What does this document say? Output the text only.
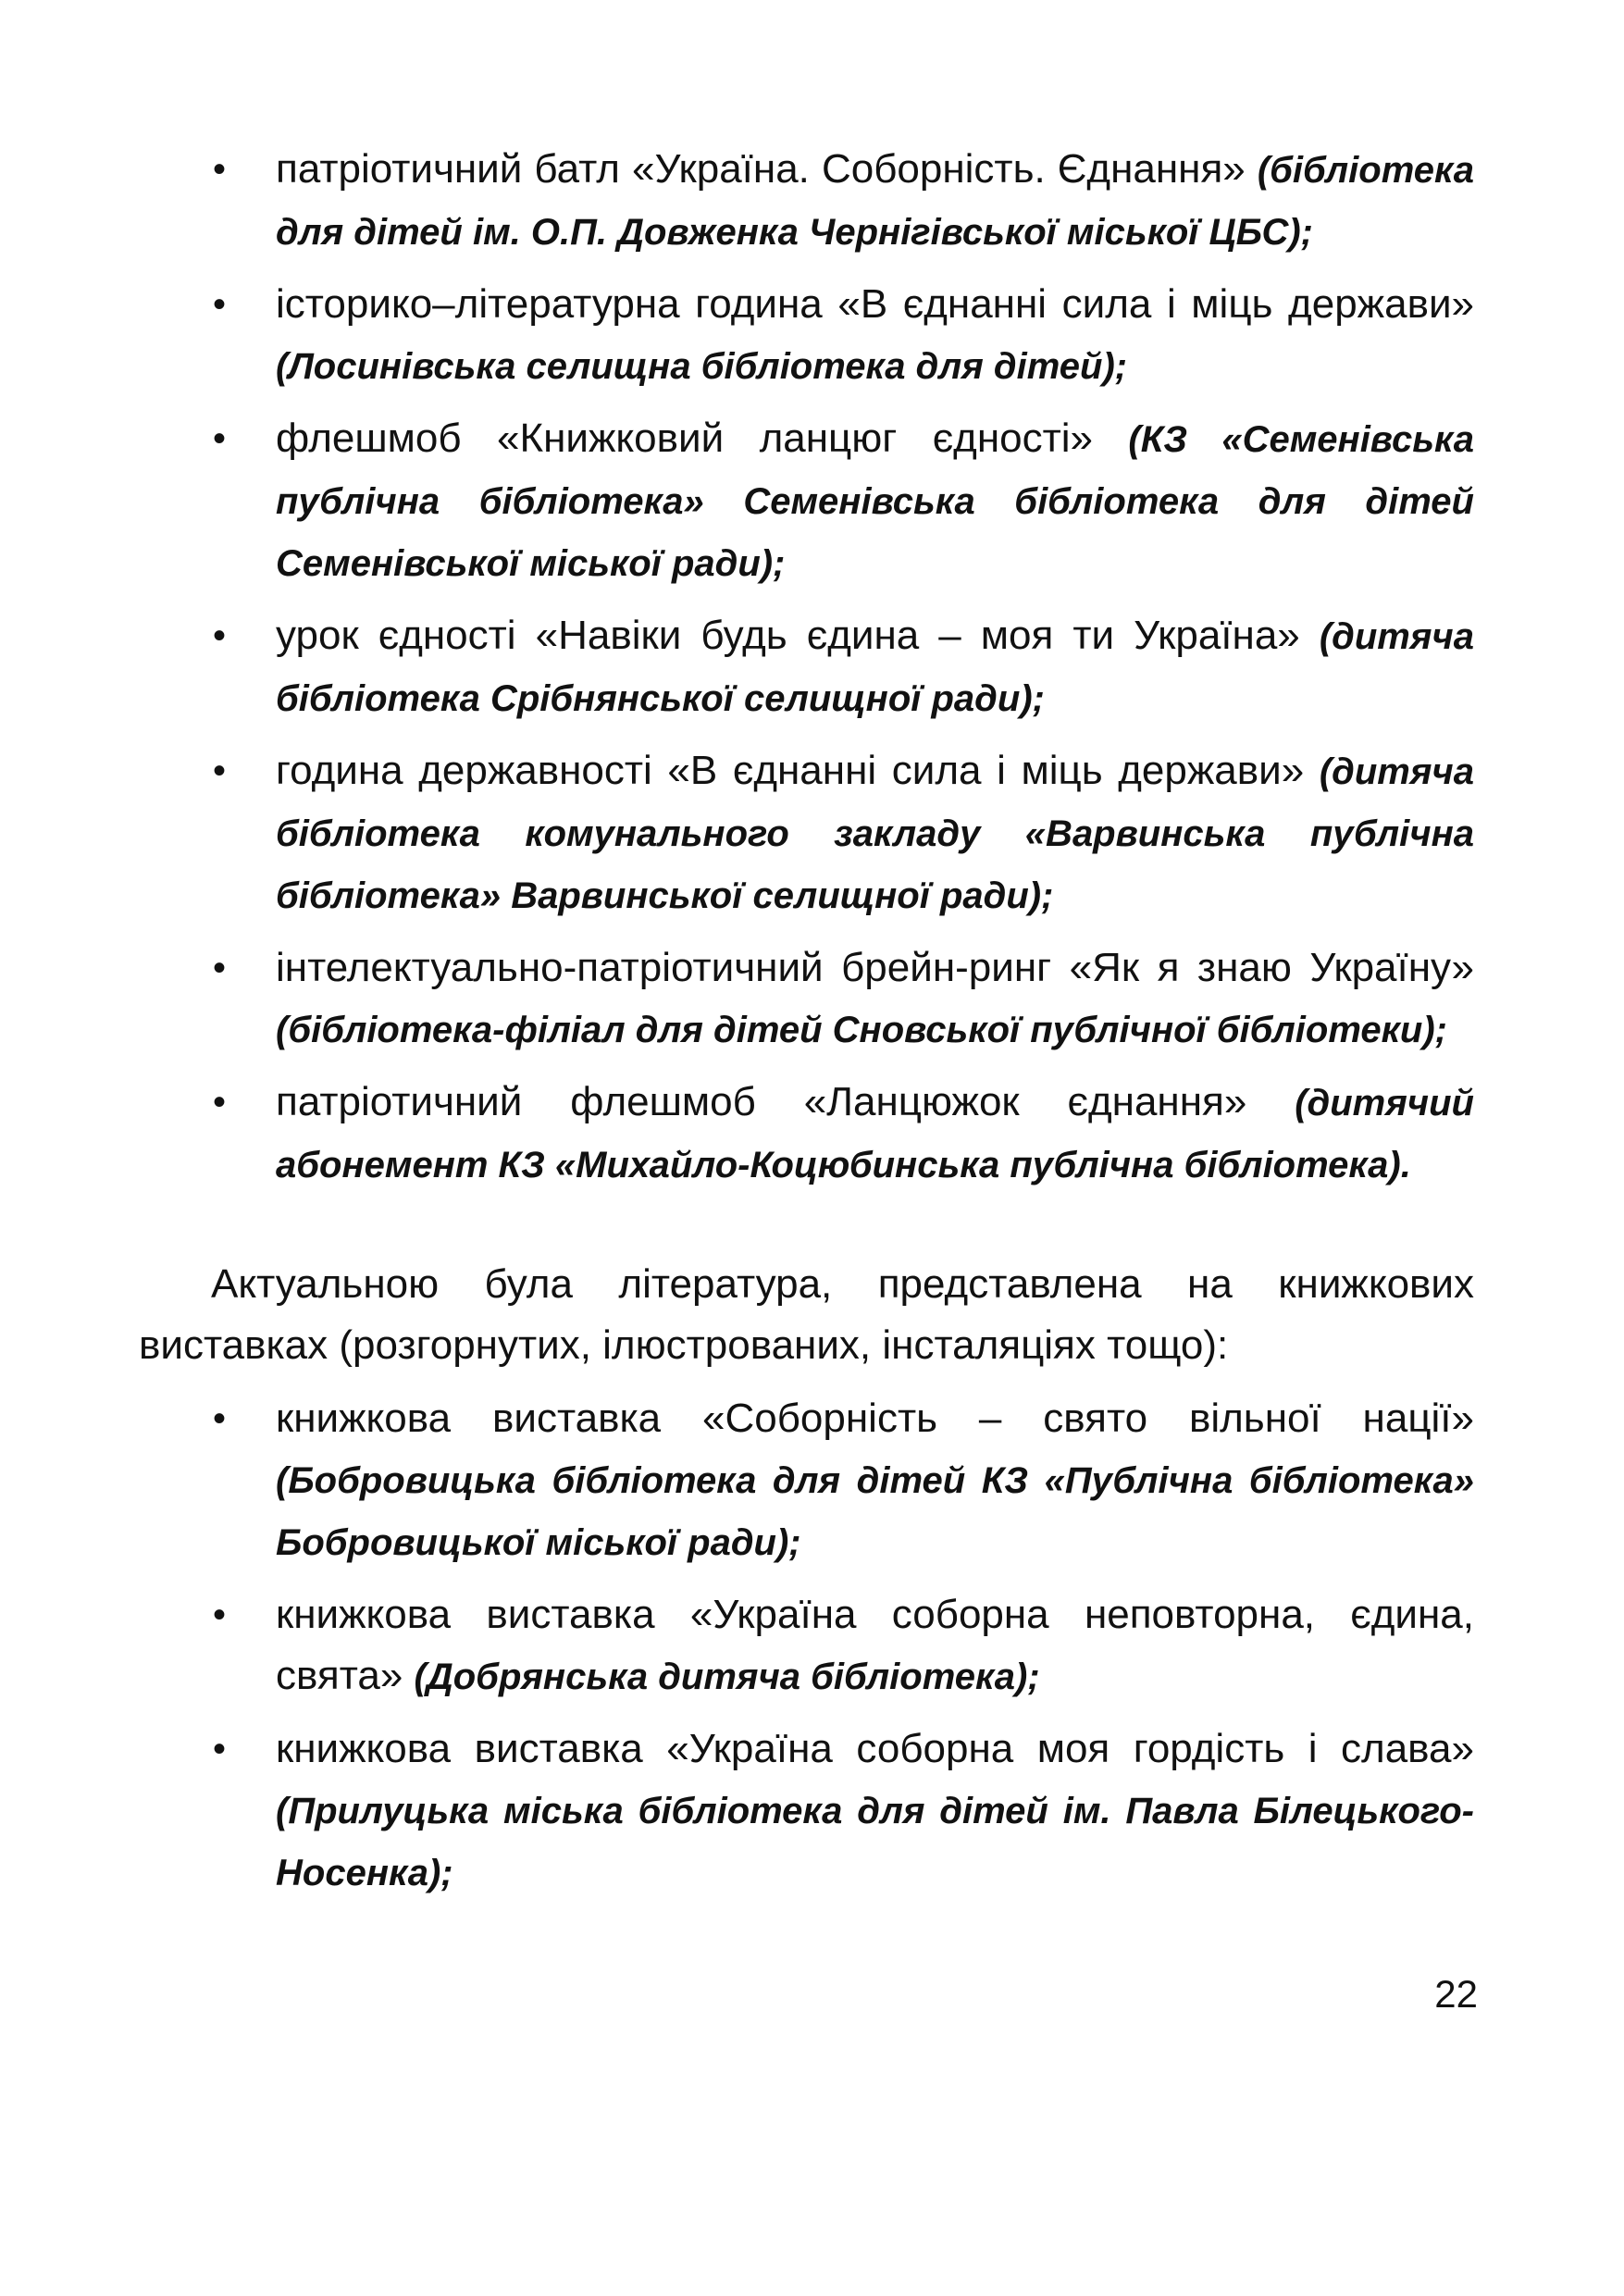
• патріотичний батл «Україна. Соборність. Єднання» (бібліотека для дітей ім. О.П. Довженка Чернігівської міської ЦБС);
• історико–літературна година «В єднанні сила і міць держави» (Лосинівська селищна бібліотека для дітей);
• флешмоб «Книжковий ланцюг єдності» (КЗ «Семенівська публічна бібліотека» Семенівська бібліотека для дітей Семенівської міської ради);
• урок єдності «Навіки будь єдина – моя ти Україна» (дитяча бібліотека Срібнянської селищної ради);
• година державності «В єднанні сила і міць держави» (дитяча бібліотека комунального закладу «Варвинська публічна бібліотека» Варвинської селищної ради);
• інтелектуально-патріотичний брейн-ринг «Як я знаю Україну» (бібліотека-філіал для дітей Сновської публічної бібліотеки);
• патріотичний флешмоб «Ланцюжок єднання» (дитячий абонемент КЗ «Михайло-Коцюбинська публічна бібліотека).

Актуальною була література, представлена на книжкових виставках (розгорнутих, ілюстрованих, інсталяціях тощо):

• книжкова виставка «Соборність – свято вільної нації» (Бобровицька бібліотека для дітей КЗ «Публічна бібліотека» Бобровицької міської ради);
• книжкова виставка «Україна соборна неповторна, єдина, свята» (Добрянська дитяча бібліотека);
• книжкова виставка «Україна соборна моя гордість і слава» (Прилуцька міська бібліотека для дітей ім. Павла Білецького-Носенка);
22
